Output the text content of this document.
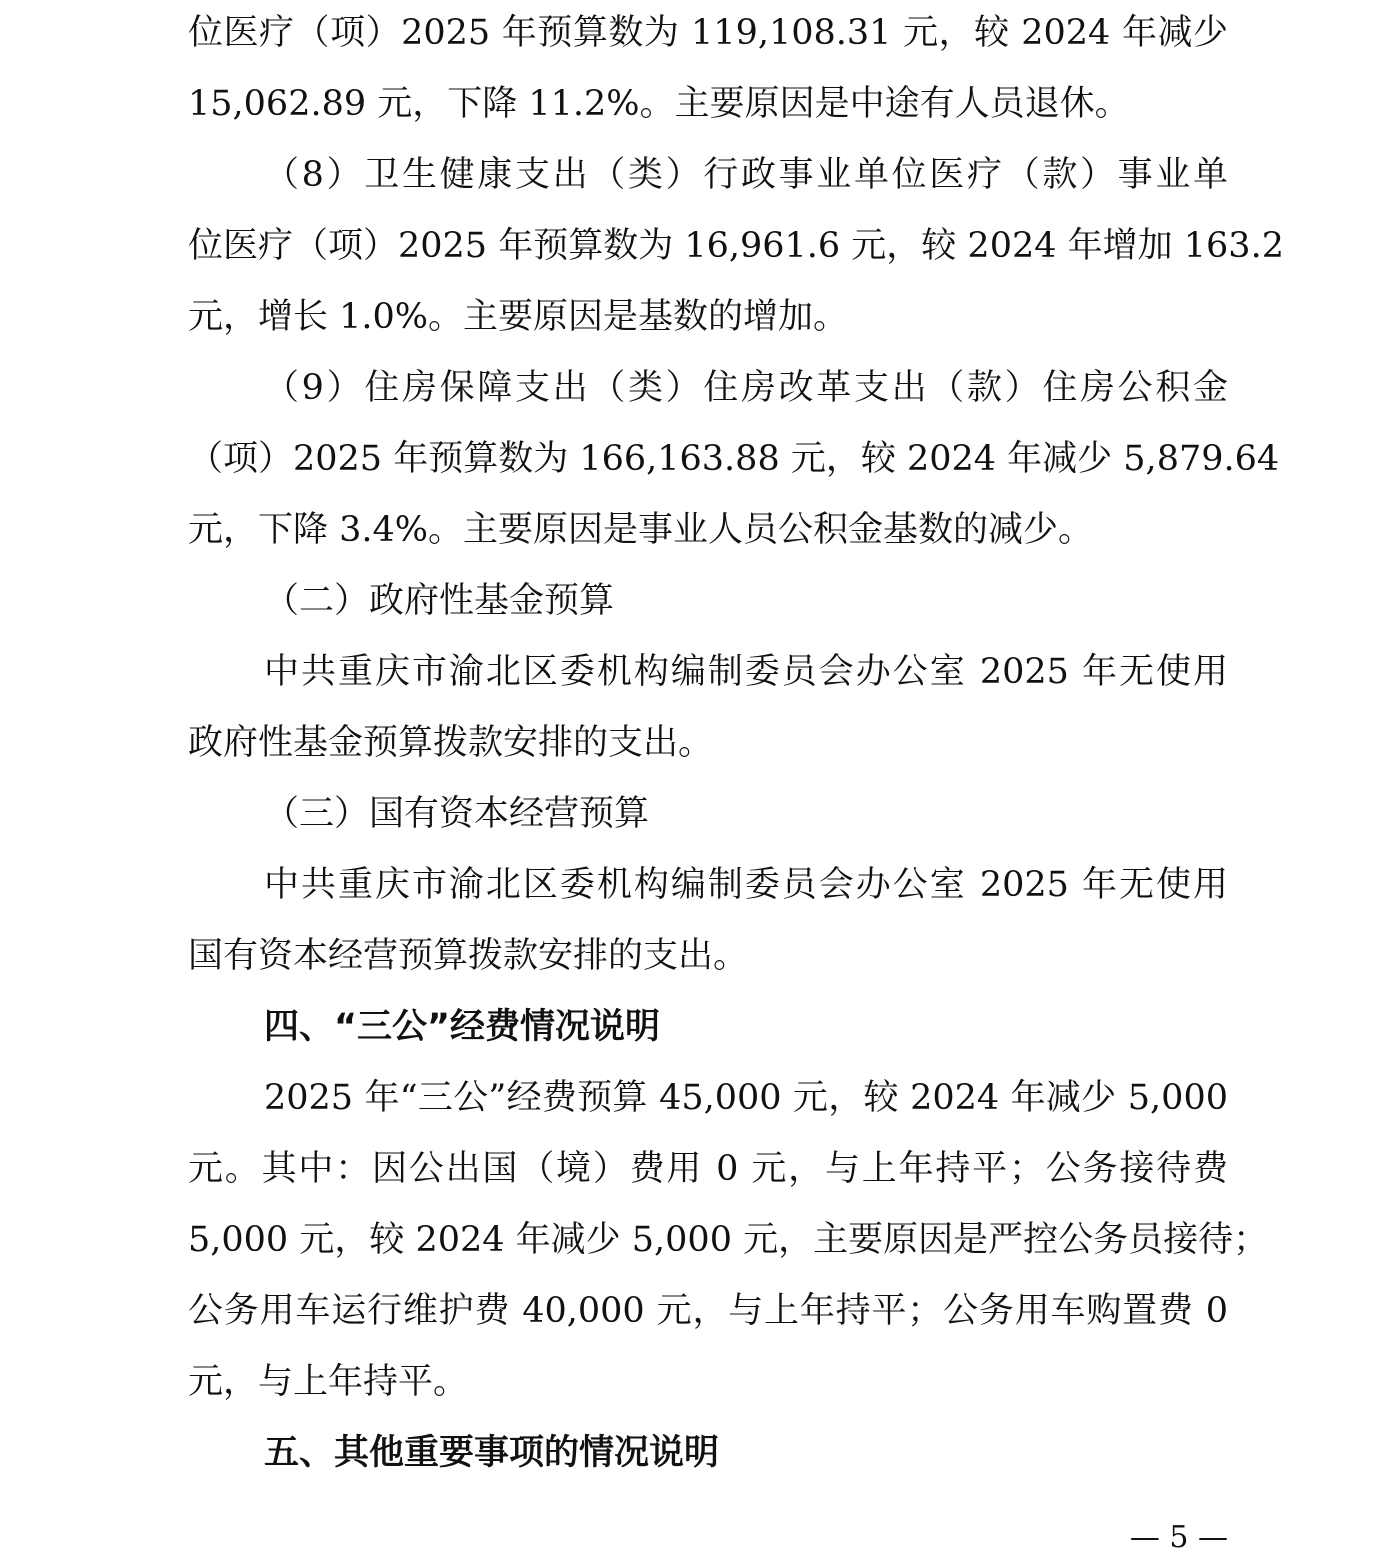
位医疗（项）2025 年预算数为 119,108.31 元，较 2024 年减少
15,062.89 元，下降 11.2%。主要原因是中途有人员退休。
（8）卫生健康支出（类）行政事业单位医疗（款）事业单
位医疗（项）2025 年预算数为 16,961.6 元，较 2024 年增加 163.2
元，增长 1.0%。主要原因是基数的增加。
（9）住房保障支出（类）住房改革支出（款）住房公积金
（项）2025 年预算数为 166,163.88 元，较 2024 年减少 5,879.64
元，下降 3.4%。主要原因是事业人员公积金基数的减少。
（二）政府性基金预算
中共重庆市渝北区委机构编制委员会办公室 2025 年无使用
政府性基金预算拨款安排的支出。
（三）国有资本经营预算
中共重庆市渝北区委机构编制委员会办公室 2025 年无使用
国有资本经营预算拨款安排的支出。
四、“三公”经费情况说明
2025 年“三公”经费预算 45,000 元，较 2024 年减少 5,000
元。其中：因公出国（境）费用 0 元，与上年持平；公务接待费
5,000 元，较 2024 年减少 5,000 元，主要原因是严控公务员接待；
公务用车运行维护费 40,000 元，与上年持平；公务用车购置费 0
元，与上年持平。
五、其他重要事项的情况说明
— 5 —
